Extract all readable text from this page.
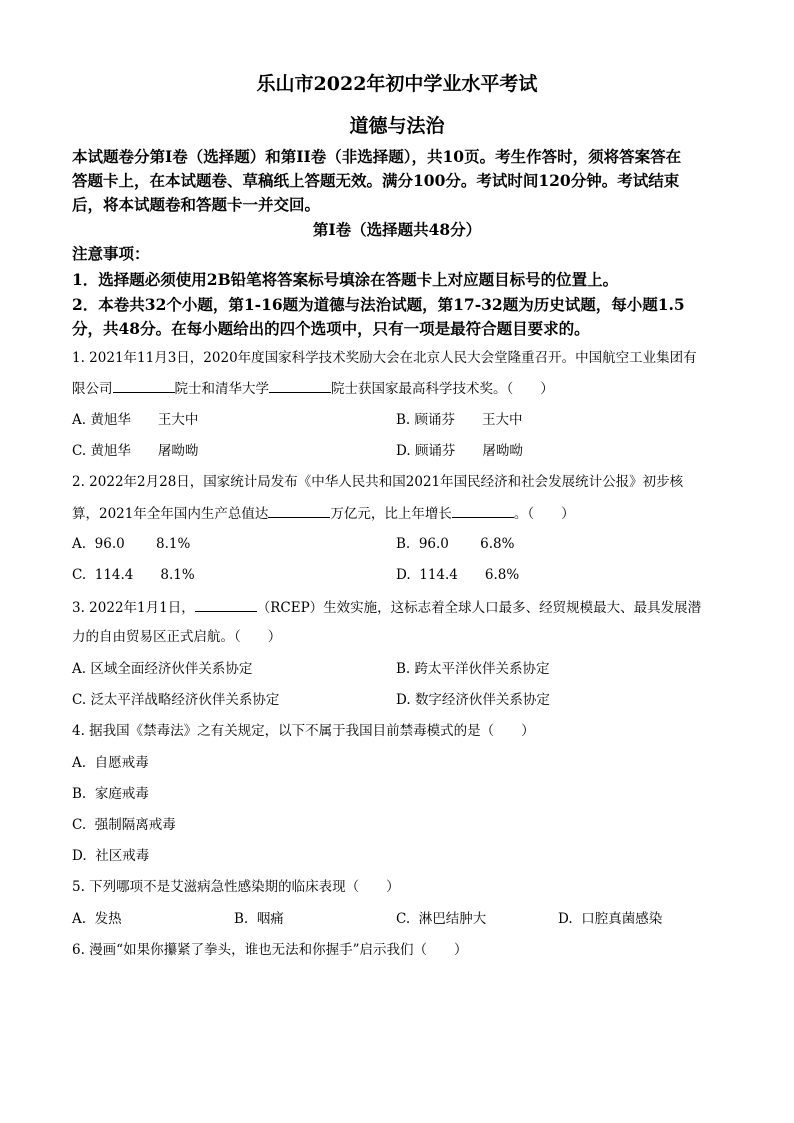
乐山市2022年初中学业水平考试
道德与法治
本试题卷分第I卷（选择题）和第II卷（非选择题），共10页。考生作答时，须将答案答在
答题卡上，在本试题卷、草稿纸上答题无效。满分100分。考试时间120分钟。考试结束
后，将本试题卷和答题卡一并交回。
第I卷（选择题共48分）
注意事项：
1．选择题必须使用2B铅笔将答案标号填涂在答题卡上对应题目标号的位置上。
2．本卷共32个小题，第1-16题为道德与法治试题，第17-32题为历史试题，每小题1.5
分，共48分。在每小题给出的四个选项中，只有一项是最符合题目要求的。
1. 2021年11月3日，2020年度国家科学技术奖励大会在北京人民大会堂隆重召开。中国航空工业集团有
限公司	院士和清华大学	院士获国家最高科学技术奖。（　　）
A. 黄旭华　　王大中	B. 顾诵芬　　王大中
C. 黄旭华　　屠呦呦	D. 顾诵芬　　屠呦呦
2. 2022年2月28日，国家统计局发布《中华人民共和国2021年国民经济和社会发展统计公报》初步核
算，2021年全年国内生产总值达	万亿元，比上年增长	。（　　）
A. 96.0　　 8.1%	B. 96.0　　 6.8%
C. 114.4　　8.1%	D. 114.4　　6.8%
3. 2022年1月1日，	（RCEP）生效实施，这标志着全球人口最多、经贸规模最大、最具发展潜
力的自由贸易区正式启航。（　　）
A. 区域全面经济伙伴关系协定	B. 跨太平洋伙伴关系协定
C. 泛太平洋战略经济伙伴关系协定	D. 数字经济伙伴关系协定
4. 据我国《禁毒法》之有关规定，以下不属于我国目前禁毒模式的是（　　）
A. 自愿戒毒
B. 家庭戒毒
C. 强制隔离戒毒
D. 社区戒毒
5. 下列哪项不是艾滋病急性感染期的临床表现（　　）
A. 发热	B. 咽痛	C. 淋巴结肿大	D. 口腔真菌感染
6. 漫画“如果你攥紧了拳头，谁也无法和你握手”启示我们（　　）
